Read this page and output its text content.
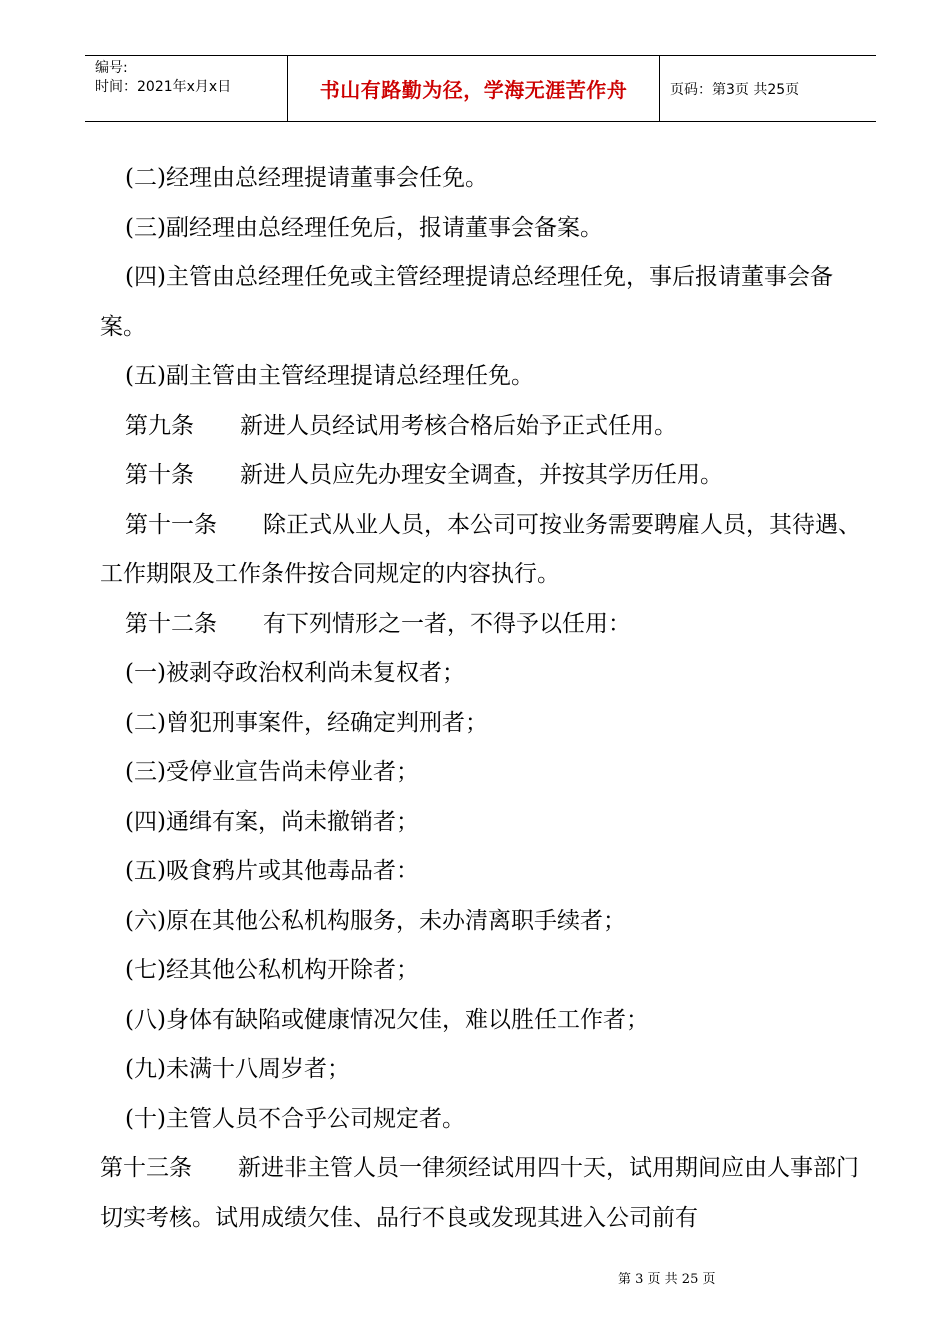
编号:
时间：2021年x月x日	书山有路勤为径，学海无涯苦作舟	页码：第3页 共25页

(二)经理由总经理提请董事会任免。

(三)副经理由总经理任免后，报请董事会备案。

(四)主管由总经理任免或主管经理提请总经理任免，事后报请董事会备案。

(五)副主管由主管经理提请总经理任免。

第九条　　新进人员经试用考核合格后始予正式任用。

第十条　　新进人员应先办理安全调查，并按其学历任用。

第十一条　　除正式从业人员，本公司可按业务需要聘雇人员，其待遇、工作期限及工作条件按合同规定的内容执行。

第十二条　　有下列情形之一者，不得予以任用：

(一)被剥夺政治权利尚未复权者；

(二)曾犯刑事案件，经确定判刑者；

(三)受停业宣告尚未停业者；

(四)通缉有案，尚未撤销者；

(五)吸食鸦片或其他毒品者：

(六)原在其他公私机构服务，未办清离职手续者；

(七)经其他公私机构开除者；

(八)身体有缺陷或健康情况欠佳，难以胜任工作者；

(九)未满十八周岁者；

(十)主管人员不合乎公司规定者。

第十三条　　新进非主管人员一律须经试用四十天，试用期间应由人事部门切实考核。试用成绩欠佳、品行不良或发现其进入公司前有

第 3 页 共 25 页
